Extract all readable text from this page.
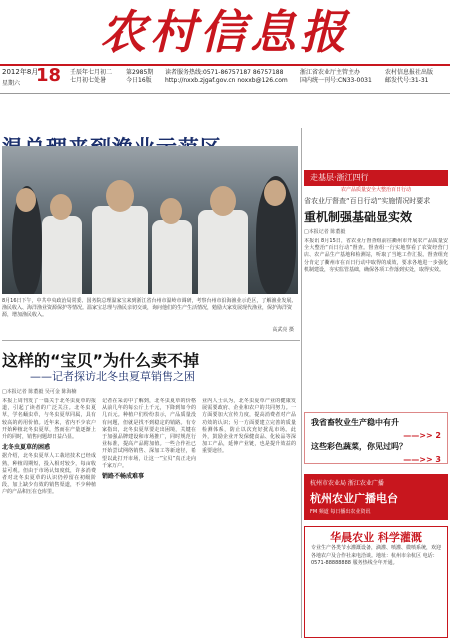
农村信息报
2012年8月
18
星期六
壬辰年七月初二
七月初七处暑
第2985期
今日16版
读者服务热线:0571-86757187 86757188
http://nxxb.zjgaf.gov.cn noxxb@126.com
浙江省农业厅主管主办
国内统一刊号:CN33-0031
农村信息报社出版
邮发代号:31-31
8月16日下午，中共中央政治局常委、国务院总理温家宝来到浙江省台州市温岭市调研，考察台州市沿海渔业示范区，了解渔业发展、渔民收入、海洋渔业资源保护等情况。温家宝总理与渔民亲切交谈，询问他们的生产生活情况，勉励大家发展现代渔业，保护海洋资源，增加渔民收入。
高武亮 摄
这样的“宝贝”为什么卖不掉
——记者探访北冬虫夏草销售之困
□本报记者 陈董毅 吴可金 陈海楠

本报上周刊发了一篇关于北冬虫夏草的报道，引起了读者的广泛关注。北冬虫夏草，学名蛹虫草，与冬虫夏草同属，具有较高的药用价值。近年来，省内不少农户开始种植北冬虫夏草，然而在产量逐渐上升的同时，销售问题却日益凸显。

北冬虫夏草的困惑

据介绍，北冬虫夏草人工栽培技术已经成熟，种植周期短，投入相对较少，每亩收益可观。但由于市场认知度低，许多消费者对北冬虫夏草的认识仍停留在初级阶段，加上缺少有效的销售渠道，不少种植户的产品积压在仓库里。

记者在采访中了解到，北冬虫夏草的价格从前几年的每公斤上千元，下降到如今的几百元。种植户们纷纷表示，产品质量没有问题，但就是找不到稳定的销路。有专家指出，北冬虫夏草要走出困境，关键在于加强品牌建设和市场推广，同时规范行业标准，提高产品附加值。一些合作社已开始尝试网络销售、深加工等新途径，希望以此打开市场，让这一“宝贝”真正走向千家万户。

销路不畅成难事

业内人士认为，北冬虫夏草产业的健康发展需要政府、企业和农户的共同努力。一方面要加大宣传力度，提高消费者对产品功效的认识；另一方面要建立完善的质量检测体系，防止以次充好扰乱市场。此外，鼓励企业开发保健食品、化妆品等深加工产品，延伸产业链，也是提升效益的重要途径。

走基层·浙江四行
农产品质量安全大整治百日行动
省农业厅督查“百日行动”实施情况时要求
重机制强基础显实效
□本报记者 陈董毅
本报讯 8月15日，省农业厅督查组前往衢州市开展农产品质量安全大整治“百日行动”督查。督查组一行实地察看了农资经营门店、农产品生产基地和检测站，听取了当地工作汇报。督查组充分肯定了衢州市在百日行动中取得的成效，要求各地进一步强化机制建设，夯实监管基础，确保各项工作落到实处，取得实效。
我省畜牧业生产稳中有升
——>> 2
这些彩色蔬菜，你见过吗？
——>> 3
杭州市农业局 浙江农业广播
杭州农业广播电台
FM 频道 每日播出农业资讯
华晨农业 科学灌溉
专业生产各类节水灌溉设备，滴灌、喷灌、微喷系统，欢迎各地农户及合作社来电洽谈。地址：杭州市余杭区 电话：0571-88888888 服务热线全年开通。
